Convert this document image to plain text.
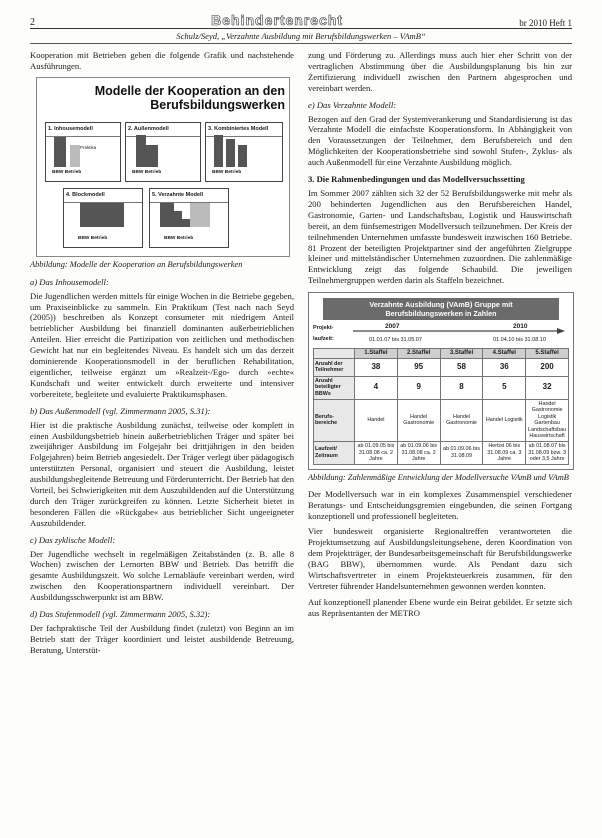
2	Behindertenrecht	br 2010 Heft 1
Schulz/Seyd, „Verzahnte Ausbildung mit Berufsbildungswerken – VAmB“

Kooperation mit Betrieben geben die folgende Grafik und nachstehende Ausführungen.

Modelle der Kooperation an den
Berufsbildungswerken
1. Inhousemodell
Praktika
BBW Betrieb
2. Außenmodell
BBW Betrieb
3. Kombiniertes Modell
BBW Betrieb
4. Blockmodell
BBW Betrieb
5. Verzahnte Modell
BBW Betrieb

Abbildung: Modelle der Kooperation an Berufsbildungswerken

a) Das Inhousemodell:

Die Jugendlichen werden mittels für einige Wochen in die Betriebe gegeben, um Praxiseinblicke zu sammeln. Ein Praktikum (Test nach nach Seyd (2005)) beschreiben als Konzept consumeter mit niedrigem Anteil betrieblicher Ausbildung bei finanziell dominanten außerbetrieblichen Anteilen. Hier erreicht die Partizipation von zeitlichen und methodischen Gewicht hat nur ein begleitendes Niveau. Es handelt sich um das derzeit dominierende Kooperationsmodell in der beruflichen Rehabilitation, eigentlicher, teilweise ergänzt um »Realzeit-/Ego- durch »echte« Kundschaft und weiter entwickelt durch erweiterte und intensiver vorbereitete, begleitete und evaluierte Praktikumsphasen.

b) Das Außenmodell (vgl. Zimmermann 2005, S.31):

Hier ist die praktische Ausbildung zunächst, teilweise oder komplett in einen Ausbildungsbetrieb hinein außerbetrieblichen Träger und später bei zweijähriger Ausbildung im Folgejahr bei drittjährigen in den beiden Folgejahren) beim Betrieb angesiedelt. Der Träger verlegt über pädagogisch unterstützten Personal, organisiert und steuert die Ausbildung, leistet ausbildungsbegleitende Betreuung und Förderunterricht. Der Betrieb hat den Vorteil, bei Schwierigkeiten mit dem Auszubildenden auf die Unterstützung durch den Träger zurückgreifen zu können. Letzte Sicherheit bietet in besonderen Fällen die »Rückgabe« aus betrieblicher Sicht ungeeigneter Auszubildender.

c) Das zyklische Modell:

Der Jugendliche wechselt in regelmäßigen Zeitabständen (z. B. alle 8 Wochen) zwischen der Lernorten BBW und Betrieb. Das betrifft die gesamte Ausbildungszeit. Wo solche Lernabläufe vereinbart werden, wird zwischen den Kooperationspartnern individuell vereinbart. Der Ausbildungsschwerpunkt ist am BBW.

d) Das Stufenmodell (vgl. Zimmermann 2005, S.32):

Der fachpraktische Teil der Ausbildung findet (zuletzt) von Beginn an im Betrieb statt der Träger koordiniert und leistet ausbildende Betreuung, Beratung, Unterstüt-

zung und Förderung zu. Allerdings muss auch hier eher Schritt von der vertraglichen Abstimmung über die Ausbildungsplanung bis hin zur Zertifizierung individuell zwischen den Partnern abgesprochen und vereinbart werden.

e) Das Verzahnte Modell:

Bezogen auf den Grad der Systemverankerung und Standardisierung ist das Verzahnte Modell die einfachste Kooperationsform. In Abhängigkeit von den Voraussetzungen der Teilnehmer, dem Berufsbereich und den Möglichkeiten der Kooperationsbetriebe sind sowohl Stufen-, Zyklus- als auch Außenmodell für eine Verzahnte Ausbildung möglich.

3. Die Rahmenbedingungen und das Modellversuchssetting

Im Sommer 2007 zählten sich 32 der 52 Berufsbildungswerke mit mehr als 200 behinderten Jugendlichen aus den Berufsbereichen Handel, Gastronomie, Garten- und Landschaftsbau, Logistik und Hauswirtschaft bereit, an dem fünfsemestrigen Modellversuch teilzunehmen. Der Kreis der teilnehmenden Unternehmen umfasste bundesweit inzwischen 160 Betriebe. 81 Prozent der beteiligten Projektpartner sind der angeführten Zielgruppe kleiner und mittelständischer Unternehmen zuzuordnen. Die zahlenmäßige Entwicklung zeigt das folgende Schaubild. Die jeweiligen Teilnehmergruppen werden darin als Staffeln bezeichnet.

Verzahnte Ausbildung (VAmB) Gruppe mit
Berufsbildungswerken in Zahlen
Projekt-laufzeit:
2007	2010
01.01.07 bis 31.05.07	01.04.10 bis 31.08.10
	1.Staffel	2.Staffel	3.Staffel	4.Staffel	5.Staffel
Anzahl der Teilnehmer	38	95	58	36	200
Anzahl beteiligter BBWs	4	9	8	5	32
Berufs-bereiche	Handel	Handel Gastronomie	Handel Gastronomie	Handel Logistik	Handel Gastronomie Logistik Gartenbau Landschaftsbau Hauswirtschaft
Laufzeit/ Zeitraum	ab 01.09.05 bis 31.08.08 ca. 2 Jahre	ab 01.09.06 bis 31.08.08 ca. 2 Jahre	ab 01.09.06 bis 31.08.09	Herbst 06 bis 31.08.09 ca. 3 Jahre	ab 01.08.07 bis 31.08.09 bzw. 3 oder 3,5 Jahre

Abbildung: Zahlenmäßige Entwicklung der Modellversuche VAmB und VAmB

Der Modellversuch war in ein komplexes Zusammenspiel verschiedener Beratungs- und Entscheidungsgremien eingebunden, die seinen Fortgang konzeptionell und professionell begleiteten.

Vier bundesweit organisierte Regionaltreffen verantworteten die Projektumsetzung auf Ausbildungsleitungsebene, deren Koordination von dem Projektträger, der Bundesarbeitsgemeinschaft für Berufsbildungswerke (BAG BBW), übernommen wurde. Als Pendant dazu sich Wirtschaftsvertreter in einem Projektsteuerkreis zusammen, für den Vertreter führender Handelsunternehmen gewonnen werden konnten.

Auf konzeptionell planender Ebene wurde ein Beirat gebildet. Er setzte sich aus Repräsentanten der METRO
